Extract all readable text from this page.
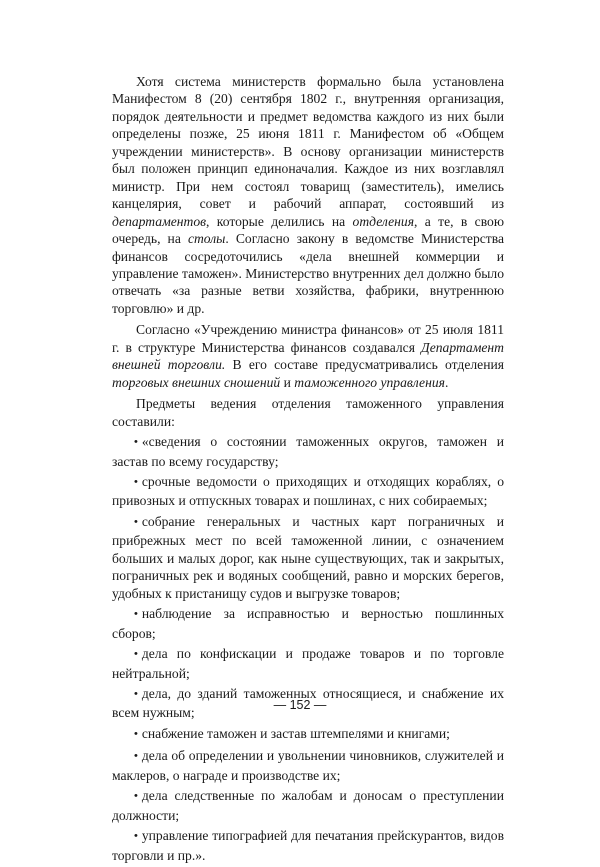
Хотя система министерств формально была установлена Манифестом 8 (20) сентября 1802 г., внутренняя организация, порядок деятельности и предмет ведомства каждого из них были определены позже, 25 июня 1811 г. Манифестом об «Общем учреждении министерств». В основу организации министерств был положен принцип единоначалия. Каждое из них возглавлял министр. При нем состоял товарищ (заместитель), имелись канцелярия, совет и рабочий аппарат, состоявший из департаментов, которые делились на отделения, а те, в свою очередь, на столы. Согласно закону в ведомстве Министерства финансов сосредоточились «дела внешней коммерции и управление таможен». Министерство внутренних дел должно было отвечать «за разные ветви хозяйства, фабрики, внутреннюю торговлю» и др.

Согласно «Учреждению министра финансов» от 25 июля 1811 г. в структуре Министерства финансов создавался Департамент внешней торговли. В его составе предусматривались отделения торговых внешних сношений и таможенного управления.

Предметы ведения отделения таможенного управления составили:

• «сведения о состоянии таможенных округов, таможен и застав по всему государству;

• срочные ведомости о приходящих и отходящих кораблях, о привозных и отпускных товарах и пошлинах, с них собираемых;

• собрание генеральных и частных карт пограничных и прибрежных мест по всей таможенной линии, с означением больших и малых дорог, как ныне существующих, так и закрытых, пограничных рек и водяных сообщений, равно и морских берегов, удобных к пристанищу судов и выгрузке товаров;

• наблюдение за исправностью и верностью пошлинных сборов;

• дела по конфискации и продаже товаров и по торговле нейтральной;

• дела, до зданий таможенных относящиеся, и снабжение их всем нужным;

• снабжение таможен и застав штемпелями и книгами;

• дела об определении и увольнении чиновников, служителей и маклеров, о награде и производстве их;

• дела следственные по жалобам и доносам о преступлении должности;

• управление типографией для печатания прейскурантов, видов торговли и пр.».

— 152 —
